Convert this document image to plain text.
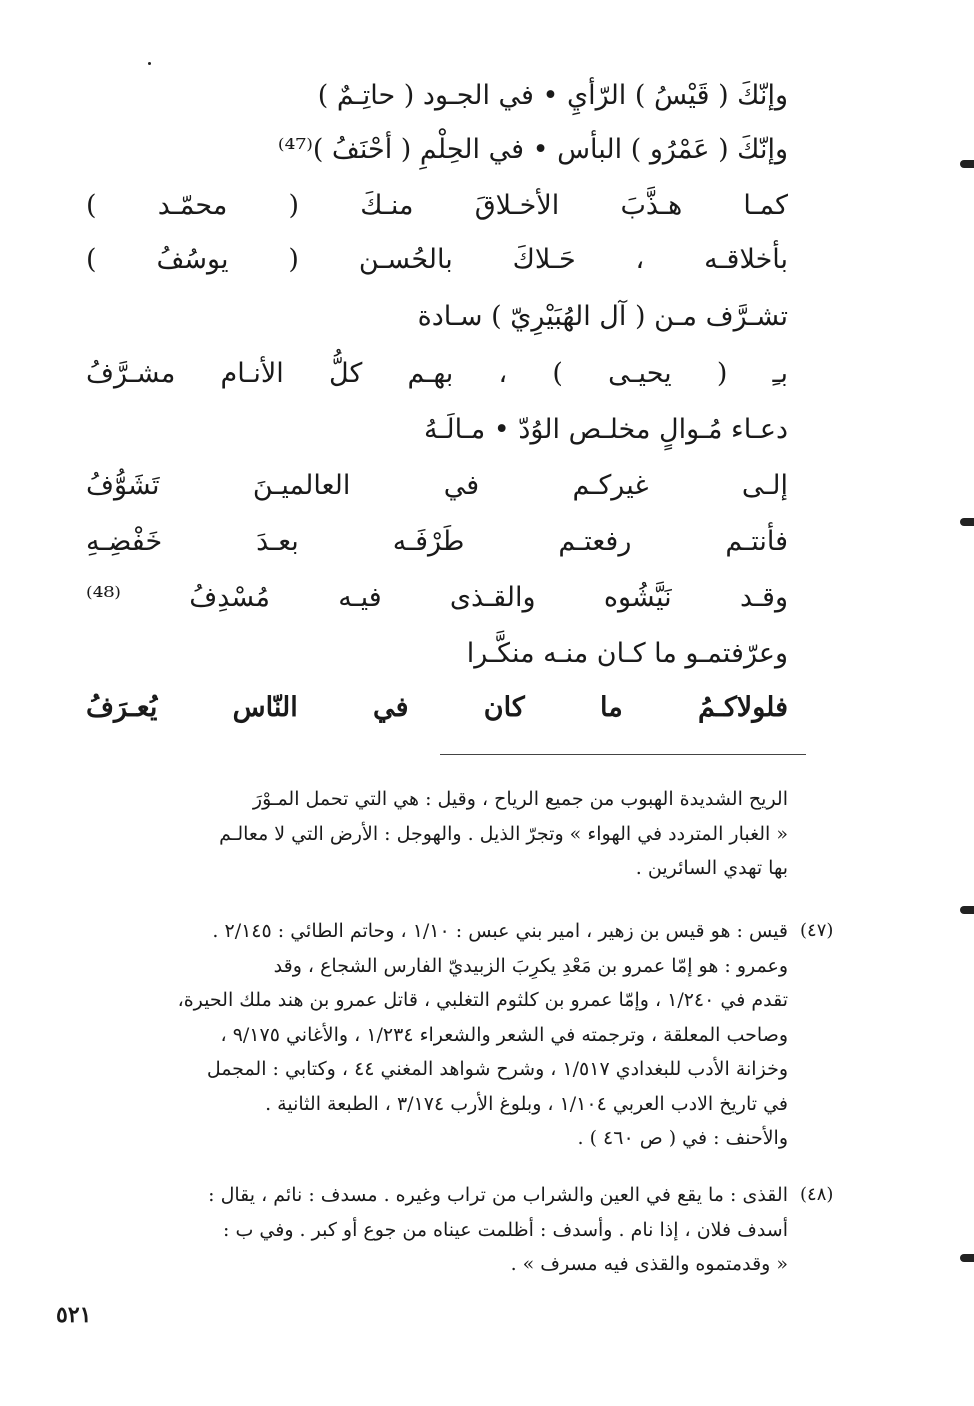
وإنّكَ ( قَيْسُ ) الرّأيِ • في الجـود ( حاتِـمٌ )
وإنّكَ ( عَمْرُو ) البأس • في الحِلْمِ ( أحْنَفُ )⁽⁴⁷⁾
كمـا هـذَّبَ الأخـلاقَ منـكَ ( محمّـد )
بأخلاقـه ، حَـلاكَ بالحُسـن ( يوسُفُ )
تشـرَّف مـن ( آل الهُبَيْرِيّ ) سـادة
بـِ ( يحيـى ) ، بهـم كلُّ الأنـام مشـرَّفُ
دعـاء مُـوالٍ مخلـص الوُدّ • مـالَـهُ
إلـى غيركـم في العالميـنَ تَشَوُّفُ
فأنتـم رفعتـم طَرْفَـه بعـدَ خَفْضِـهِ
وقـد نَيَّشُوه والقـذى فيـه مُسْدِفُ ⁽⁴⁸⁾
وعرّفتمـو ما كـان منـه منكَّـرا
فلولاكـمُ ما كان في النّاس يُعـرَفُ

الريح الشديدة الهبوب من جميع الرياح ، وقيل : هي التي تحمل المـوْرَ

« الغبار المتردد في الهواء » وتجرّ الذيل . والهوجل : الأرض التي لا معالـم

بها تهدي السائرين .

(٤٧)

قيس : هو قيس بن زهير ، امير بني عبس : ١/١٠ ، وحاتم الطائي : ٢/١٤٥ .

وعمرو : هو إمّا عمرو بن مَعْدِ يكرِبَ الزبيديّ الفارس الشجاع ، وقد

تقدم في ١/٢٤٠ ، وإمّا عمرو بن كلثوم التغلبي ، قاتل عمرو بن هند ملك الحيرة،

وصاحب المعلقة ، وترجمته في الشعر والشعراء ١/٢٣٤ ، والأغاني ٩/١٧٥ ،

وخزانة الأدب للبغدادي ١/٥١٧ ، وشرح شواهد المغني ٤٤ ، وكتابي : المجمل

في تاريخ الادب العربي ١/١٠٤ ، وبلوغ الأرب ٣/١٧٤ ، الطبعة الثانية .

والأحنف : في ( ص ٤٦٠ ) .

(٤٨)

القذى : ما يقع في العين والشراب من تراب وغيره . مسدف : نائم ، يقال :

أسدف فلان ، إذا نام . وأسدف : أظلمت عيناه من جوع أو كبر . وفي ب :

« وقدمتموه والقذى فيه مسرف » .

٥٢١
